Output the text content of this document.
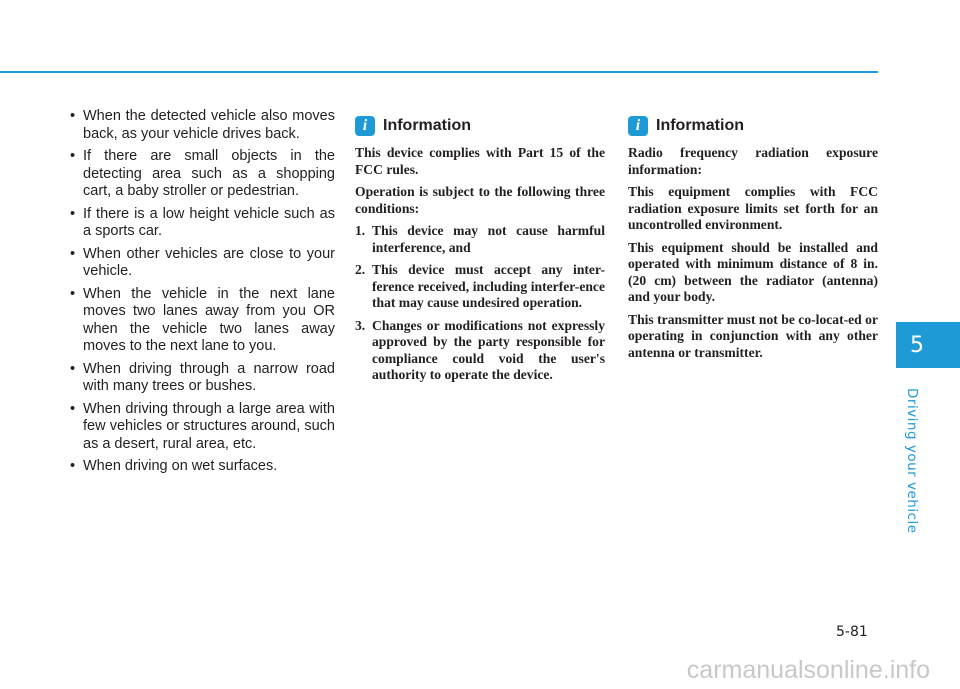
• When the detected vehicle also moves back, as your vehicle drives back.
• If there are small objects in the detecting area such as a shopping cart, a baby stroller or pedestrian.
• If there is a low height vehicle such as a sports car.
• When other vehicles are close to your vehicle.
• When the vehicle in the next lane moves two lanes away from you OR when the vehicle two lanes away moves to the next lane to you.
• When driving through a narrow road with many trees or bushes.
• When driving through a large area with few vehicles or structures around, such as a desert, rural area, etc.
• When driving on wet surfaces.
i Information

This device complies with Part 15 of the FCC rules.

Operation is subject to the following three conditions:

1. This device may not cause harmful interference, and
2. This device must accept any inter-ference received, including interfer-ence that may cause undesired operation.
3. Changes or modifications not expressly approved by the party responsible for compliance could void the user's authority to operate the device.
i Information

Radio frequency radiation exposure information:

This equipment complies with FCC radiation exposure limits set forth for an uncontrolled environment.

This equipment should be installed and operated with minimum distance of 8 in. (20 cm) between the radiator (antenna) and your body.

This transmitter must not be co-locat-ed or operating in conjunction with any other antenna or transmitter.	5
Driving your vehicle
5-81
carmanualsonline.info
